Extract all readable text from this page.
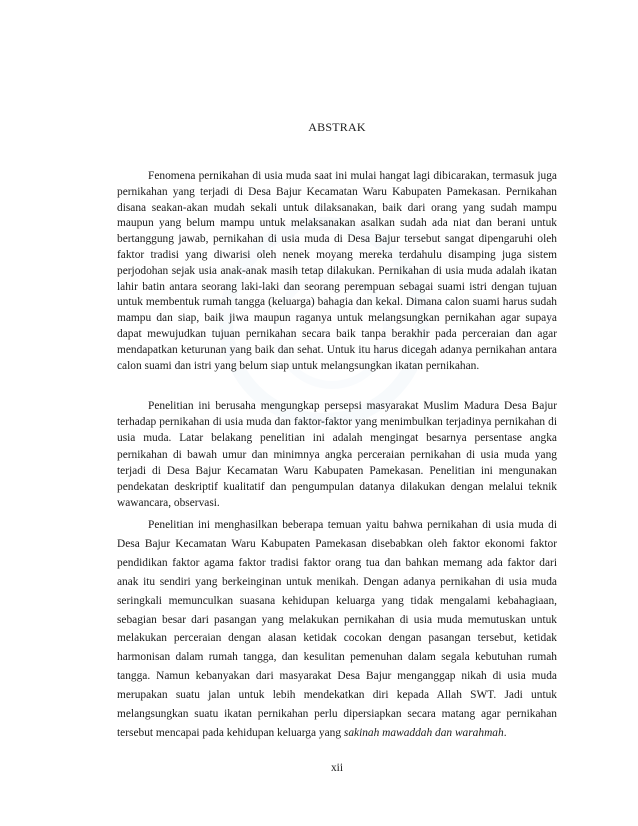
ABSTRAK

Fenomena pernikahan di usia muda saat ini mulai hangat lagi dibicarakan, termasuk juga pernikahan yang terjadi di Desa Bajur Kecamatan Waru Kabupaten Pamekasan. Pernikahan disana seakan-akan mudah sekali untuk dilaksanakan, baik dari orang yang sudah mampu maupun yang belum mampu untuk melaksanakan asalkan sudah ada niat dan berani untuk bertanggung jawab, pernikahan di usia muda di Desa Bajur tersebut sangat dipengaruhi oleh faktor tradisi yang diwarisi oleh nenek moyang mereka terdahulu disamping juga sistem perjodohan sejak usia anak-anak masih tetap dilakukan. Pernikahan di usia muda adalah ikatan lahir batin antara seorang laki-laki dan seorang perempuan sebagai suami istri dengan tujuan untuk membentuk rumah tangga (keluarga) bahagia dan kekal. Dimana calon suami harus sudah mampu dan siap, baik jiwa maupun raganya untuk melangsungkan pernikahan agar supaya dapat mewujudkan tujuan pernikahan secara baik tanpa berakhir pada perceraian dan agar mendapatkan keturunan yang baik dan sehat. Untuk itu harus dicegah adanya pernikahan antara calon suami dan istri yang belum siap untuk melangsungkan ikatan pernikahan.

Penelitian ini berusaha mengungkap persepsi masyarakat Muslim Madura Desa Bajur terhadap pernikahan di usia muda dan faktor-faktor yang menimbulkan terjadinya pernikahan di usia muda. Latar belakang penelitian ini adalah mengingat besarnya persentase angka pernikahan di bawah umur dan minimnya angka perceraian pernikahan di usia muda yang terjadi di Desa Bajur Kecamatan Waru Kabupaten Pamekasan. Penelitian ini mengunakan pendekatan deskriptif kualitatif dan pengumpulan datanya dilakukan dengan melalui teknik wawancara, observasi.

Penelitian ini menghasilkan beberapa temuan yaitu bahwa pernikahan di usia muda di Desa Bajur Kecamatan Waru Kabupaten Pamekasan disebabkan oleh faktor ekonomi faktor pendidikan faktor agama faktor tradisi faktor orang tua dan bahkan memang ada faktor dari anak itu sendiri yang berkeinginan untuk menikah. Dengan adanya pernikahan di usia muda seringkali memunculkan suasana kehidupan keluarga yang tidak mengalami kebahagiaan, sebagian besar dari pasangan yang melakukan pernikahan di usia muda memutuskan untuk melakukan perceraian dengan alasan ketidak cocokan dengan pasangan tersebut, ketidak harmonisan dalam rumah tangga, dan kesulitan pemenuhan dalam segala kebutuhan rumah tangga. Namun kebanyakan dari masyarakat Desa Bajur menganggap nikah di usia muda merupakan suatu jalan untuk lebih mendekatkan diri kepada Allah SWT. Jadi untuk melangsungkan suatu ikatan pernikahan perlu dipersiapkan secara matang agar pernikahan tersebut mencapai pada kehidupan keluarga yang sakinah mawaddah dan warahmah.

xii
